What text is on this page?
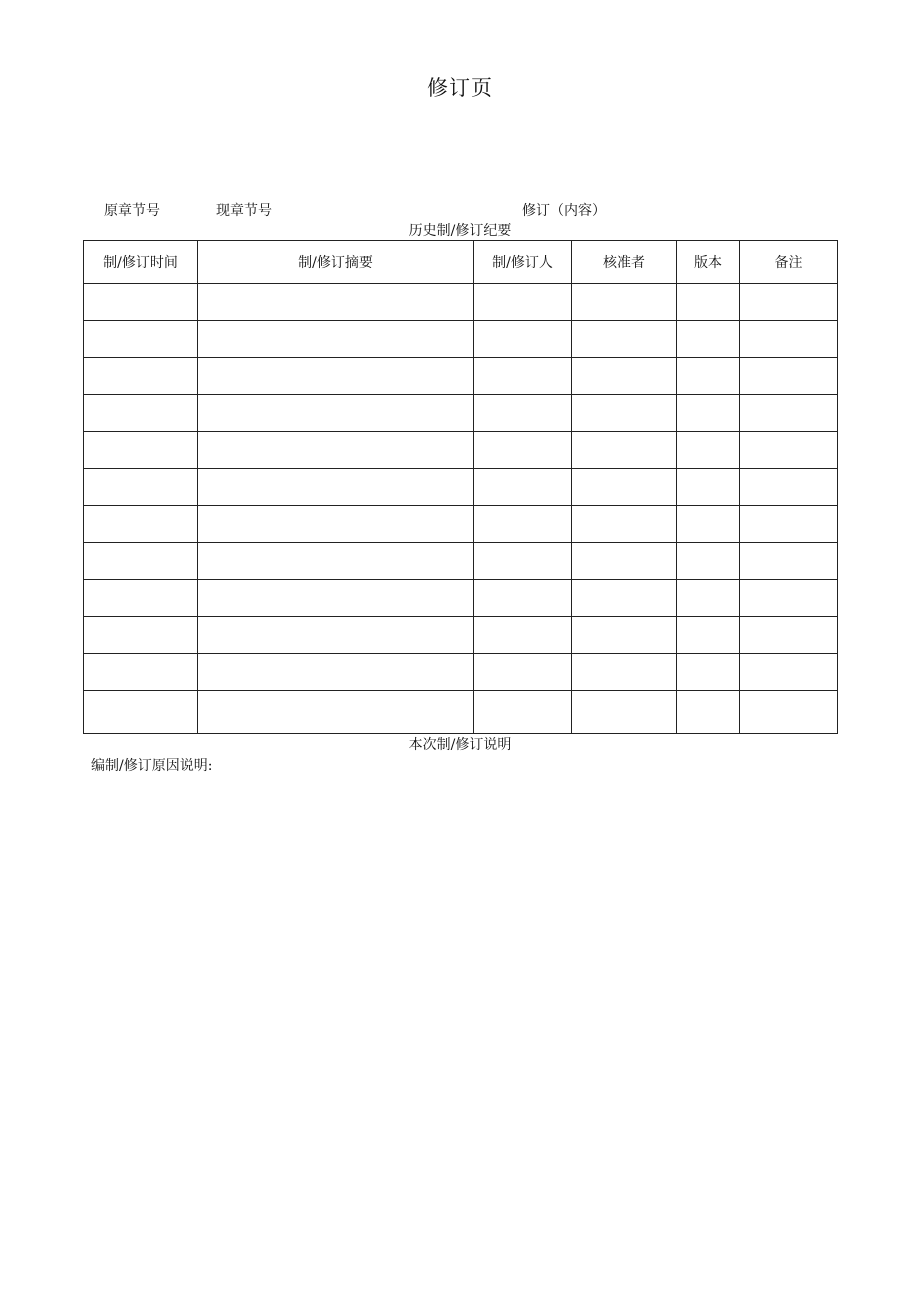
修订页
原章节号	现章节号	修订（内容）
历史制/修订纪要
制/修订时间	制/修订摘要	制/修订人	核准者	版本	备注

本次制/修订说明
编制/修订原因说明:
